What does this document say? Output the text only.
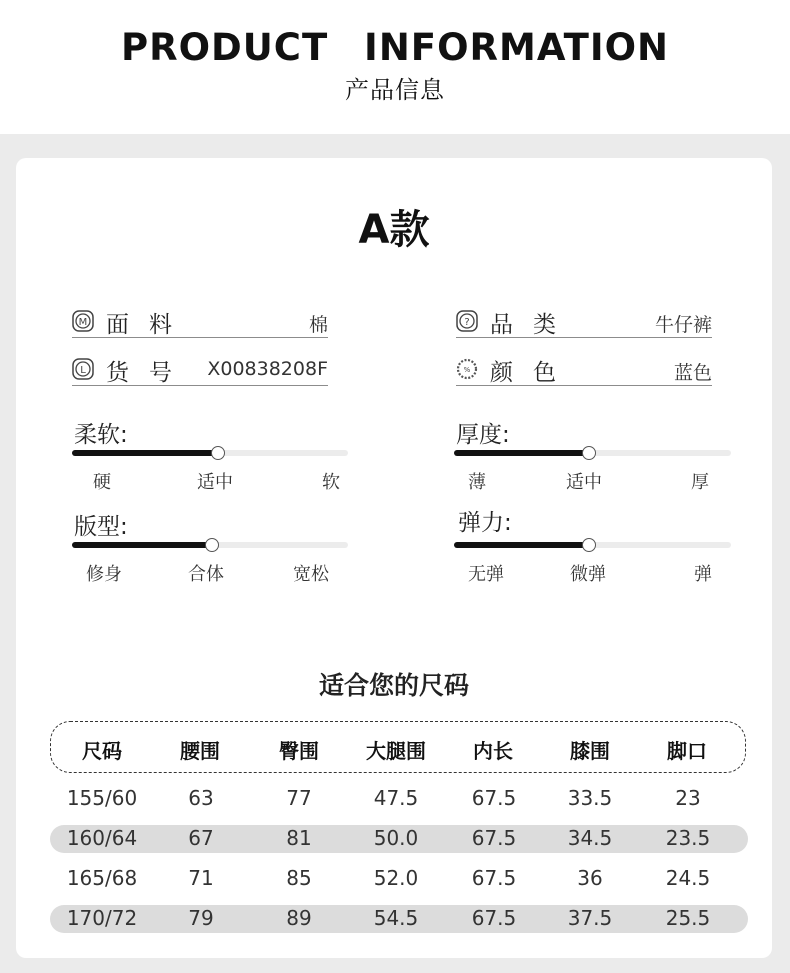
PRODUCT INFORMATION
产品信息
A款
M 面料	棉	? 品类	牛仔裤
L 货号 X00838208F	% 颜色	蓝色
柔软:
硬	适中	软
厚度:
薄	适中	厚
版型:
修身	合体	宽松
弹力:
无弹	微弹	弹
适合您的尺码
尺码	腰围	臀围	大腿围	内长	膝围	脚口
155/60	63	77	47.5	67.5	33.5	23
160/64	67	81	50.0	67.5	34.5	23.5
165/68	71	85	52.0	67.5	36	24.5
170/72	79	89	54.5	67.5	37.5	25.5
